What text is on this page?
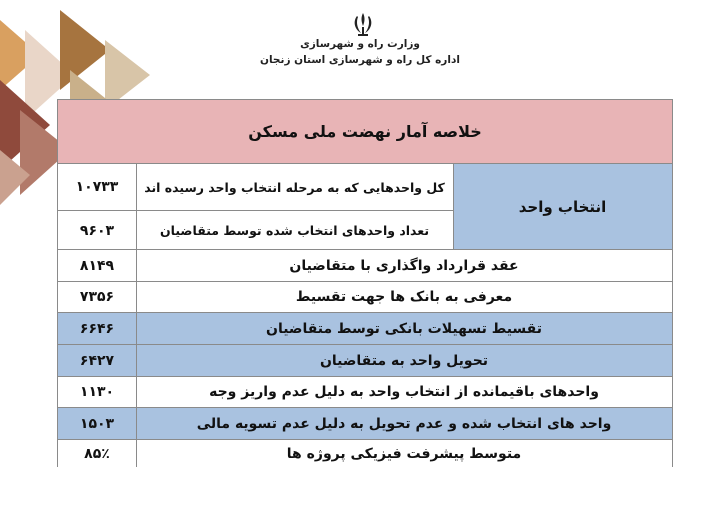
وزارت راه و شهرسازی
اداره کل راه و شهرسازی استان زنجان
خلاصه آمار نهضت ملی مسکن
انتخاب واحد
کل واحدهایی که به مرحله انتخاب واحد رسیده اند
۱۰۷۳۳
تعداد واحدهای انتخاب شده توسط متقاضیان
۹۶۰۳
عقد قرارداد واگذاری با متقاضیان
۸۱۴۹
معرفی به بانک ها جهت تقسیط
۷۳۵۶
تقسیط تسهیلات بانکی توسط متقاضیان
۶۶۴۶
تحویل واحد به متقاضیان
۶۴۲۷
واحدهای باقیمانده از انتخاب واحد به دلیل عدم واریز وجه
۱۱۳۰
واحد های انتخاب شده و عدم تحویل به دلیل عدم تسویه مالی
۱۵۰۳
متوسط پیشرفت فیزیکی پروژه ها
۸۵٪
